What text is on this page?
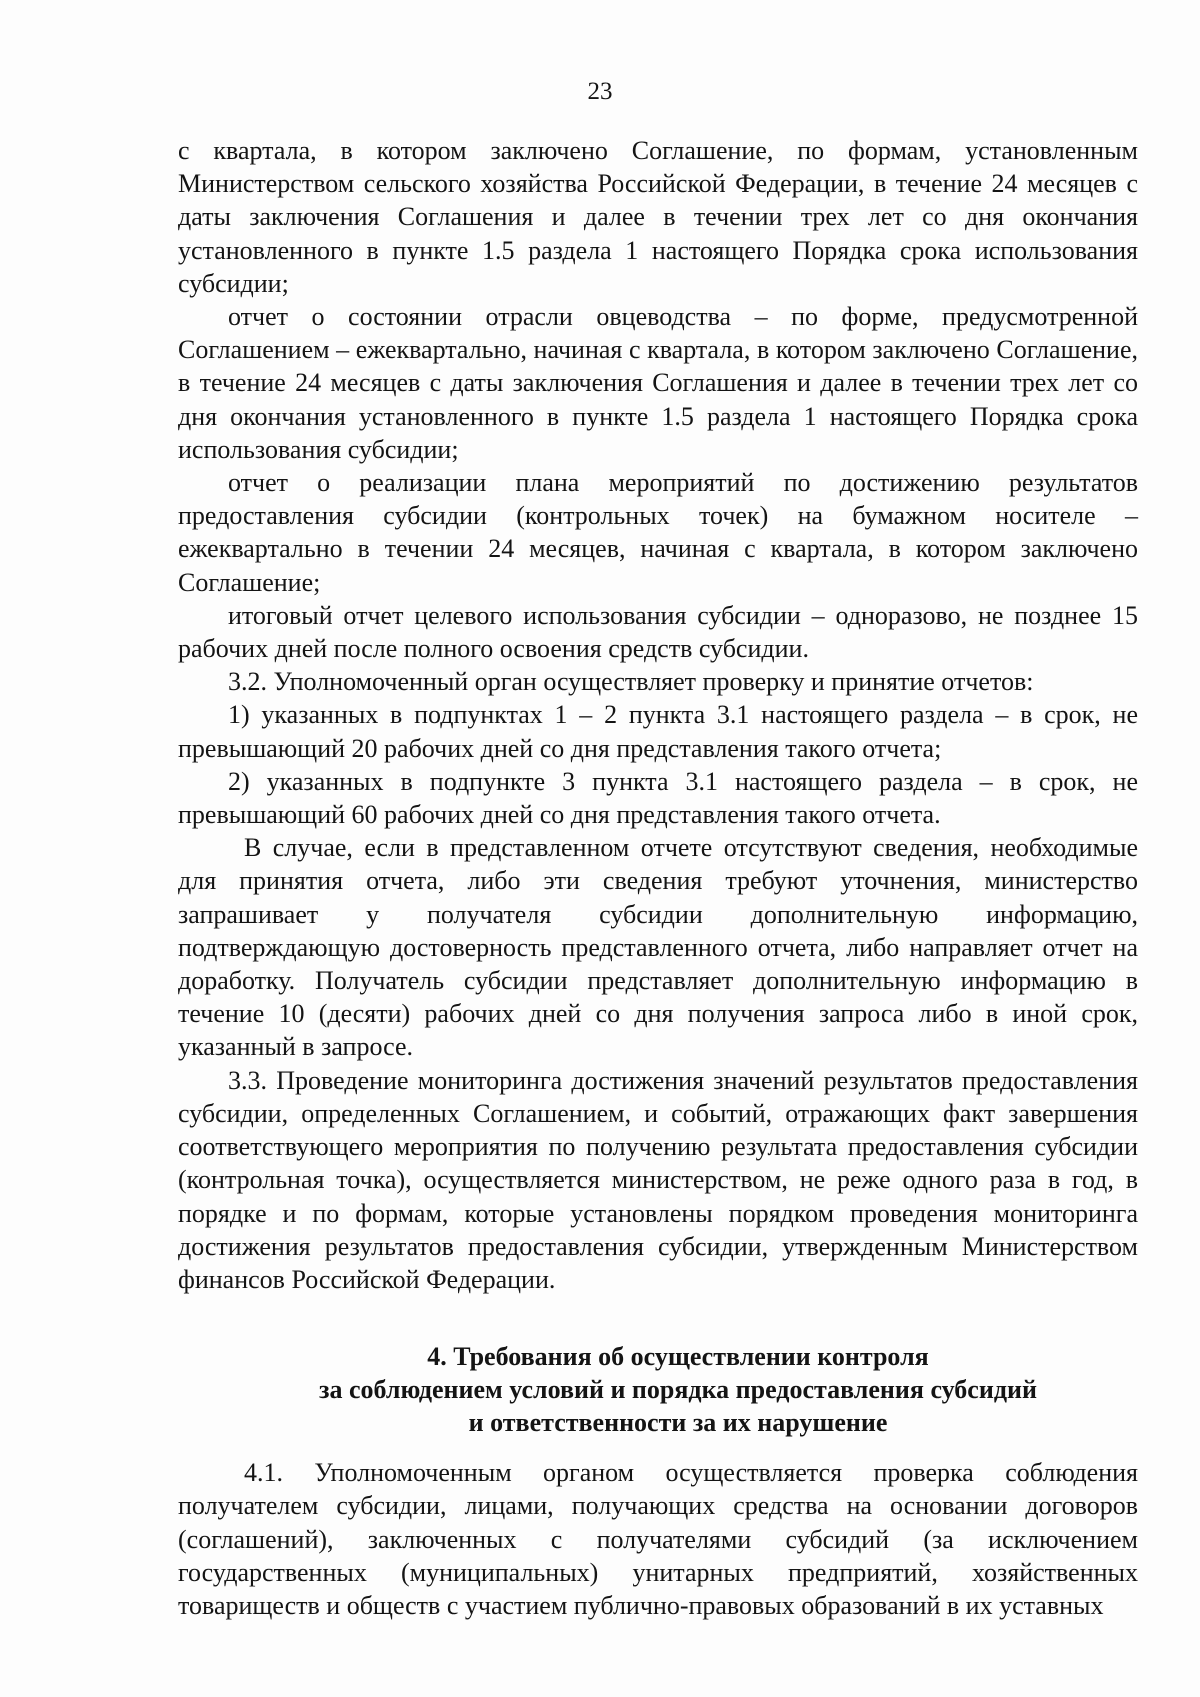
23

с квартала, в котором заключено Соглашение, по формам, установленным Министерством сельского хозяйства Российской Федерации, в течение 24 месяцев с даты заключения Соглашения и далее в течении трех лет со дня окончания установленного в пункте 1.5 раздела 1 настоящего Порядка срока использования субсидии;

отчет о состоянии отрасли овцеводства – по форме, предусмотренной Соглашением – ежеквартально, начиная с квартала, в котором заключено Соглашение, в течение 24 месяцев с даты заключения Соглашения и далее в течении трех лет со дня окончания установленного в пункте 1.5 раздела 1 настоящего Порядка срока использования субсидии;

отчет о реализации плана мероприятий по достижению результатов предоставления субсидии (контрольных точек) на бумажном носителе – ежеквартально в течении 24 месяцев, начиная с квартала, в котором заключено Соглашение;

итоговый отчет целевого использования субсидии – одноразово, не позднее 15 рабочих дней после полного освоения средств субсидии.

3.2. Уполномоченный орган осуществляет проверку и принятие отчетов:

1) указанных в подпунктах 1 – 2 пункта 3.1 настоящего раздела – в срок, не превышающий 20 рабочих дней со дня представления такого отчета;

2) указанных в подпункте 3 пункта 3.1 настоящего раздела – в срок, не превышающий 60 рабочих дней со дня представления такого отчета.

В случае, если в представленном отчете отсутствуют сведения, необходимые для принятия отчета, либо эти сведения требуют уточнения, министерство запрашивает у получателя субсидии дополнительную информацию, подтверждающую достоверность представленного отчета, либо направляет отчет на доработку. Получатель субсидии представляет дополнительную информацию в течение 10 (десяти) рабочих дней со дня получения запроса либо в иной срок, указанный в запросе.

3.3. Проведение мониторинга достижения значений результатов предоставления субсидии, определенных Соглашением, и событий, отражающих факт завершения соответствующего мероприятия по получению результата предоставления субсидии (контрольная точка), осуществляется министерством, не реже одного раза в год, в порядке и по формам, которые установлены порядком проведения мониторинга достижения результатов предоставления субсидии, утвержденным Министерством финансов Российской Федерации.

4. Требования об осуществлении контроля
за соблюдением условий и порядка предоставления субсидий
и ответственности за их нарушение

4.1. Уполномоченным органом осуществляется проверка соблюдения получателем субсидии, лицами, получающих средства на основании договоров (соглашений), заключенных с получателями субсидий (за исключением государственных (муниципальных) унитарных предприятий, хозяйственных товариществ и обществ с участием публично-правовых образований в их уставных
